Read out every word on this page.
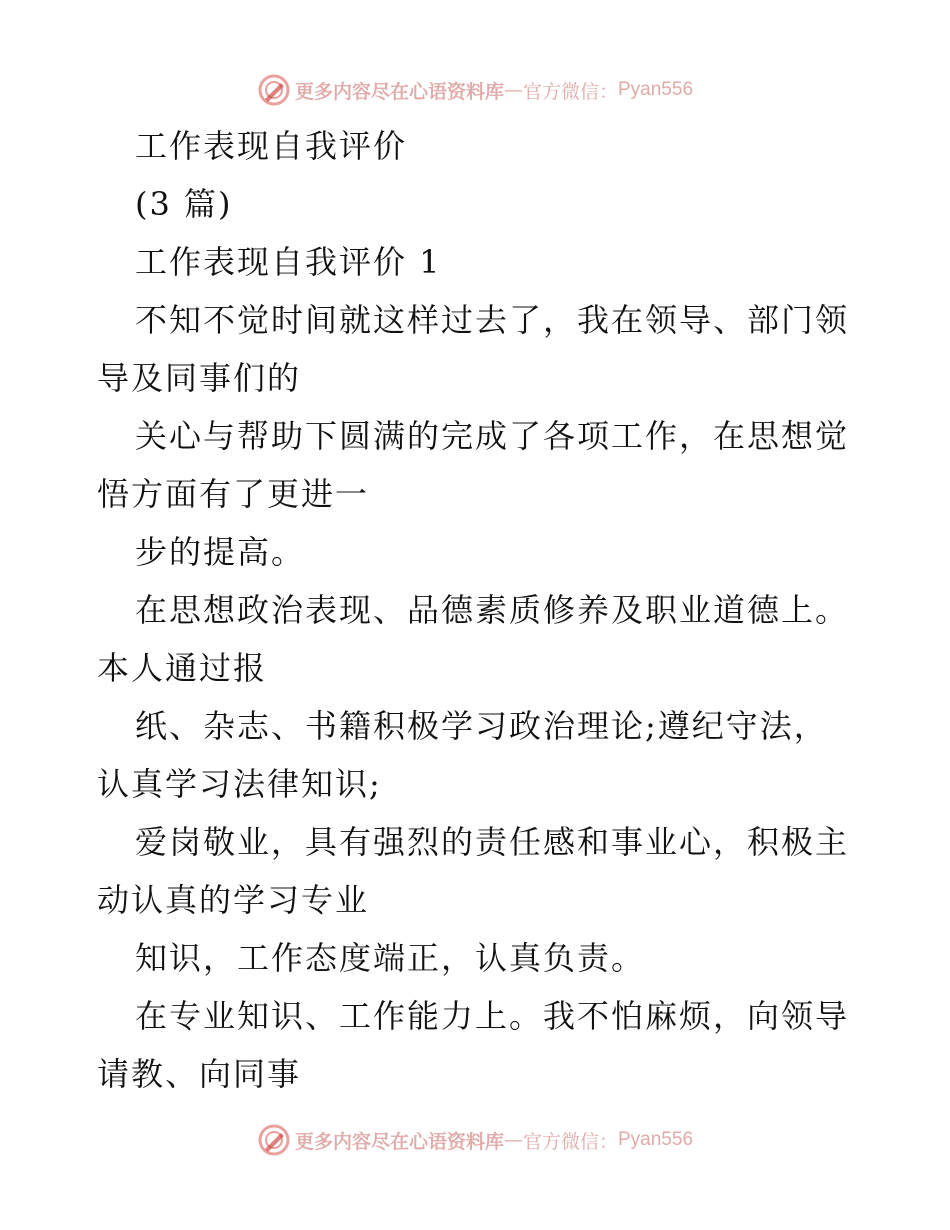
更多内容尽在心语资料库 — 官方微信： Pyan556
工作表现自我评价
(3 篇)
工作表现自我评价 1
不知不觉时间就这样过去了，我在领导、部门领
导及同事们的
关心与帮助下圆满的完成了各项工作，在思想觉
悟方面有了更进一
步的提高。
在思想政治表现、品德素质修养及职业道德上。
本人通过报
纸、杂志、书籍积极学习政治理论;遵纪守法，
认真学习法律知识;
爱岗敬业，具有强烈的责任感和事业心，积极主
动认真的学习专业
知识，工作态度端正，认真负责。
在专业知识、工作能力上。我不怕麻烦，向领导
请教、向同事
更多内容尽在心语资料库 — 官方微信： Pyan556
